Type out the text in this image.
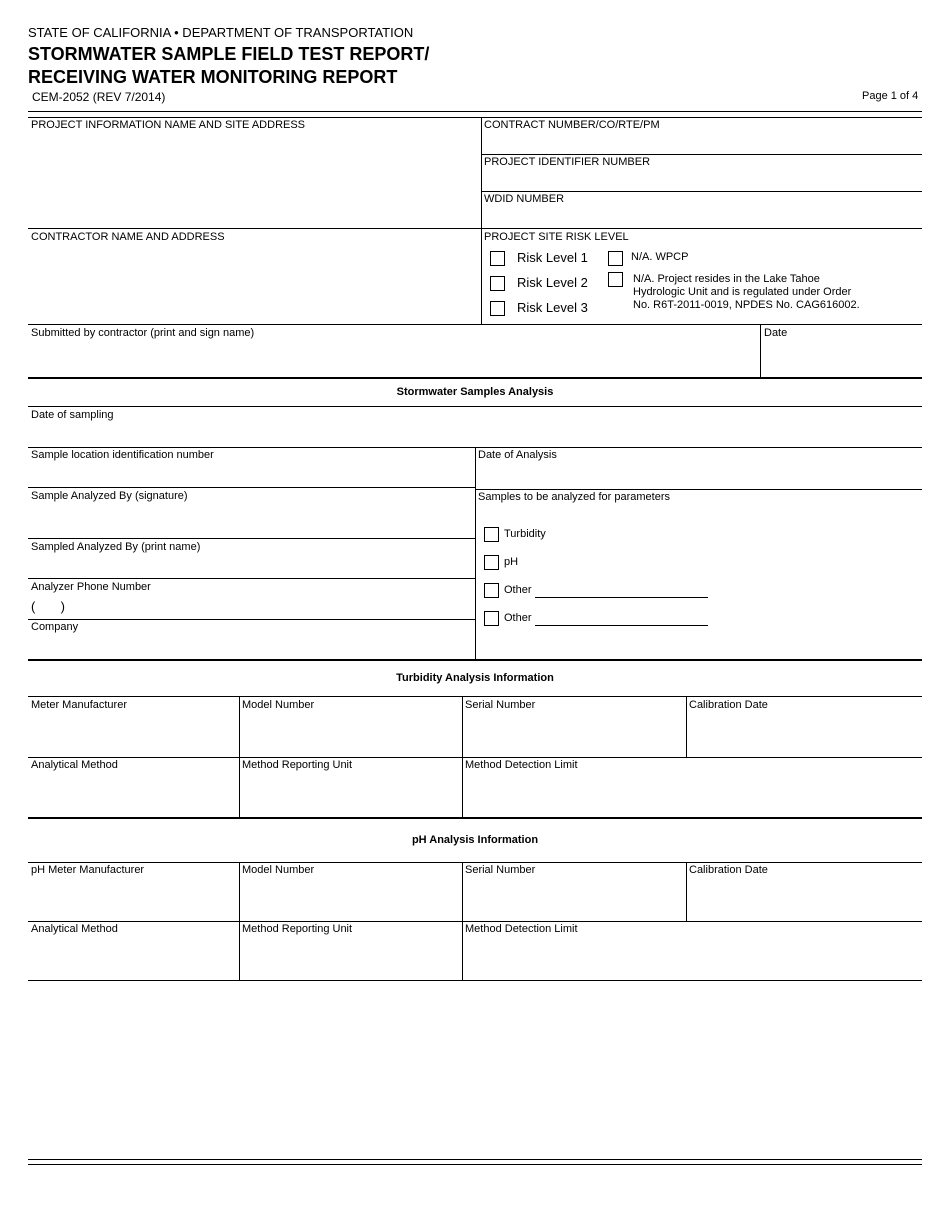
STATE OF CALIFORNIA • DEPARTMENT OF TRANSPORTATION
STORMWATER SAMPLE FIELD TEST REPORT/
RECEIVING WATER MONITORING REPORT
CEM-2052 (REV 7/2014)	Page 1 of 4
PROJECT INFORMATION NAME AND SITE ADDRESS	CONTRACT NUMBER/CO/RTE/PM
PROJECT IDENTIFIER NUMBER
WDID NUMBER
CONTRACTOR NAME AND ADDRESS	PROJECT SITE RISK LEVEL
Risk Level 1
Risk Level 2
Risk Level 3
N/A. WPCP
N/A. Project resides in the Lake Tahoe
Hydrologic Unit and is regulated under Order
No. R6T-2011-0019, NPDES No. CAG616002.
Submitted by contractor (print and sign name)	Date
Stormwater Samples Analysis
Date of sampling
Sample location identification number	Date of Analysis
Sample Analyzed By (signature)	Samples to be analyzed for parameters
Sampled Analyzed By (print name)
Analyzer Phone Number
(       )
Company
Turbidity
pH
Other
Other
Turbidity Analysis Information
Meter Manufacturer	Model Number	Serial Number	Calibration Date
Analytical Method	Method Reporting Unit	Method Detection Limit
pH Analysis Information
pH Meter Manufacturer	Model Number	Serial Number	Calibration Date
Analytical Method	Method Reporting Unit	Method Detection Limit
